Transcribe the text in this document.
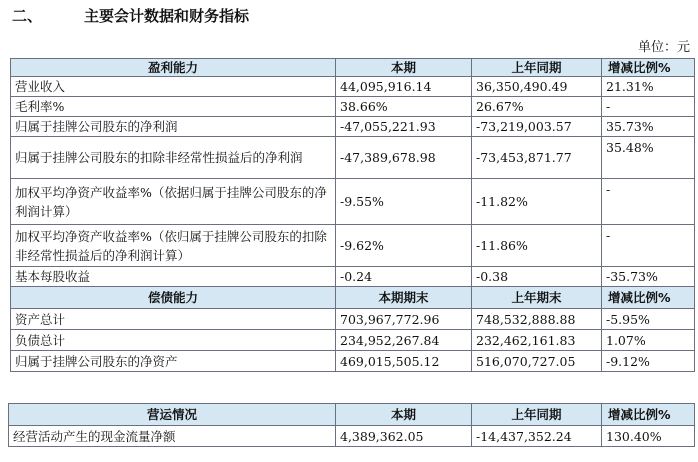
二、	主要会计数据和财务指标
单位：元
盈利能力	本期	上年同期	增减比例%
营业收入	44,095,916.14	36,350,490.49	21.31%
毛利率%	38.66%	26.67%	-
归属于挂牌公司股东的净利润	-47,055,221.93	-73,219,003.57	35.73%
归属于挂牌公司股东的扣除非经常性损益后的净利润	-47,389,678.98	-73,453,871.77	35.48%
加权平均净资产收益率%（依据归属于挂牌公司股东的净利润计算）	-9.55%	-11.82%	-
加权平均净资产收益率%（依归属于挂牌公司股东的扣除非经常性损益后的净利润计算）	-9.62%	-11.86%	-
基本每股收益	-0.24	-0.38	-35.73%
偿债能力	本期期末	上年期末	增减比例%
资产总计	703,967,772.96	748,532,888.88	-5.95%
负债总计	234,952,267.84	232,462,161.83	1.07%
归属于挂牌公司股东的净资产	469,015,505.12	516,070,727.05	-9.12%
营运情况	本期	上年同期	增减比例%
经营活动产生的现金流量净额	4,389,362.05	-14,437,352.24	130.40%
